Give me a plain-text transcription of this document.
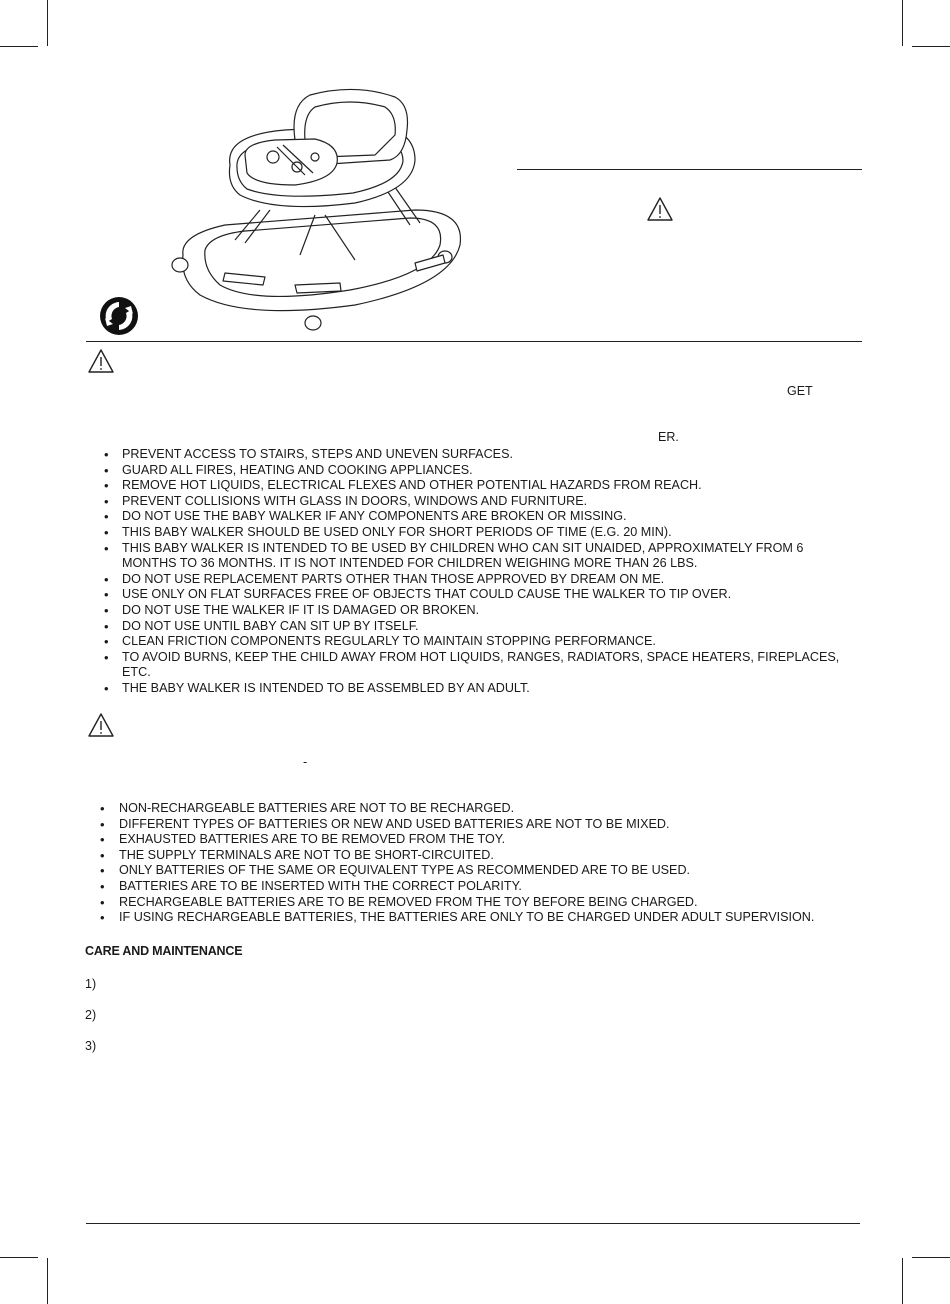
GET
ER.
• PREVENT ACCESS TO STAIRS, STEPS AND UNEVEN SURFACES.
• GUARD ALL FIRES, HEATING AND COOKING APPLIANCES.
• REMOVE HOT LIQUIDS, ELECTRICAL FLEXES AND OTHER POTENTIAL HAZARDS FROM REACH.
• PREVENT COLLISIONS WITH GLASS IN DOORS, WINDOWS AND FURNITURE.
• DO NOT USE THE BABY WALKER IF ANY COMPONENTS ARE BROKEN OR MISSING.
• THIS BABY WALKER SHOULD BE USED ONLY FOR SHORT PERIODS OF TIME (E.G. 20 MIN).
• THIS BABY WALKER IS INTENDED TO BE USED BY CHILDREN WHO CAN SIT UNAIDED, APPROXIMATELY FROM 6 MONTHS TO 36 MONTHS. IT IS NOT INTENDED FOR CHILDREN WEIGHING MORE THAN 26 LBS.
• DO NOT USE REPLACEMENT PARTS OTHER THAN THOSE APPROVED BY DREAM ON ME.
• USE ONLY ON FLAT SURFACES FREE OF OBJECTS THAT COULD CAUSE THE WALKER TO TIP OVER.
• DO NOT USE THE WALKER IF IT IS DAMAGED OR BROKEN.
• DO NOT USE UNTIL BABY CAN SIT UP BY ITSELF.
• CLEAN FRICTION COMPONENTS REGULARLY TO MAINTAIN STOPPING PERFORMANCE.
• TO AVOID BURNS, KEEP THE CHILD AWAY FROM HOT LIQUIDS, RANGES, RADIATORS, SPACE HEATERS, FIREPLACES, ETC.
• THE BABY WALKER IS INTENDED TO BE ASSEMBLED BY AN ADULT.
-
• NON-RECHARGEABLE BATTERIES ARE NOT TO BE RECHARGED.
• DIFFERENT TYPES OF BATTERIES OR NEW AND USED BATTERIES ARE NOT TO BE MIXED.
• EXHAUSTED BATTERIES ARE TO BE REMOVED FROM THE TOY.
• THE SUPPLY TERMINALS ARE NOT TO BE SHORT-CIRCUITED.
• ONLY BATTERIES OF THE SAME OR EQUIVALENT TYPE AS RECOMMENDED ARE TO BE USED.
• BATTERIES ARE TO BE INSERTED WITH THE CORRECT POLARITY.
• RECHARGEABLE BATTERIES ARE TO BE REMOVED FROM THE TOY BEFORE BEING CHARGED.
• IF USING RECHARGEABLE BATTERIES, THE BATTERIES ARE ONLY TO BE CHARGED UNDER ADULT SUPERVISION.
CARE AND MAINTENANCE
1)
2)
3)
